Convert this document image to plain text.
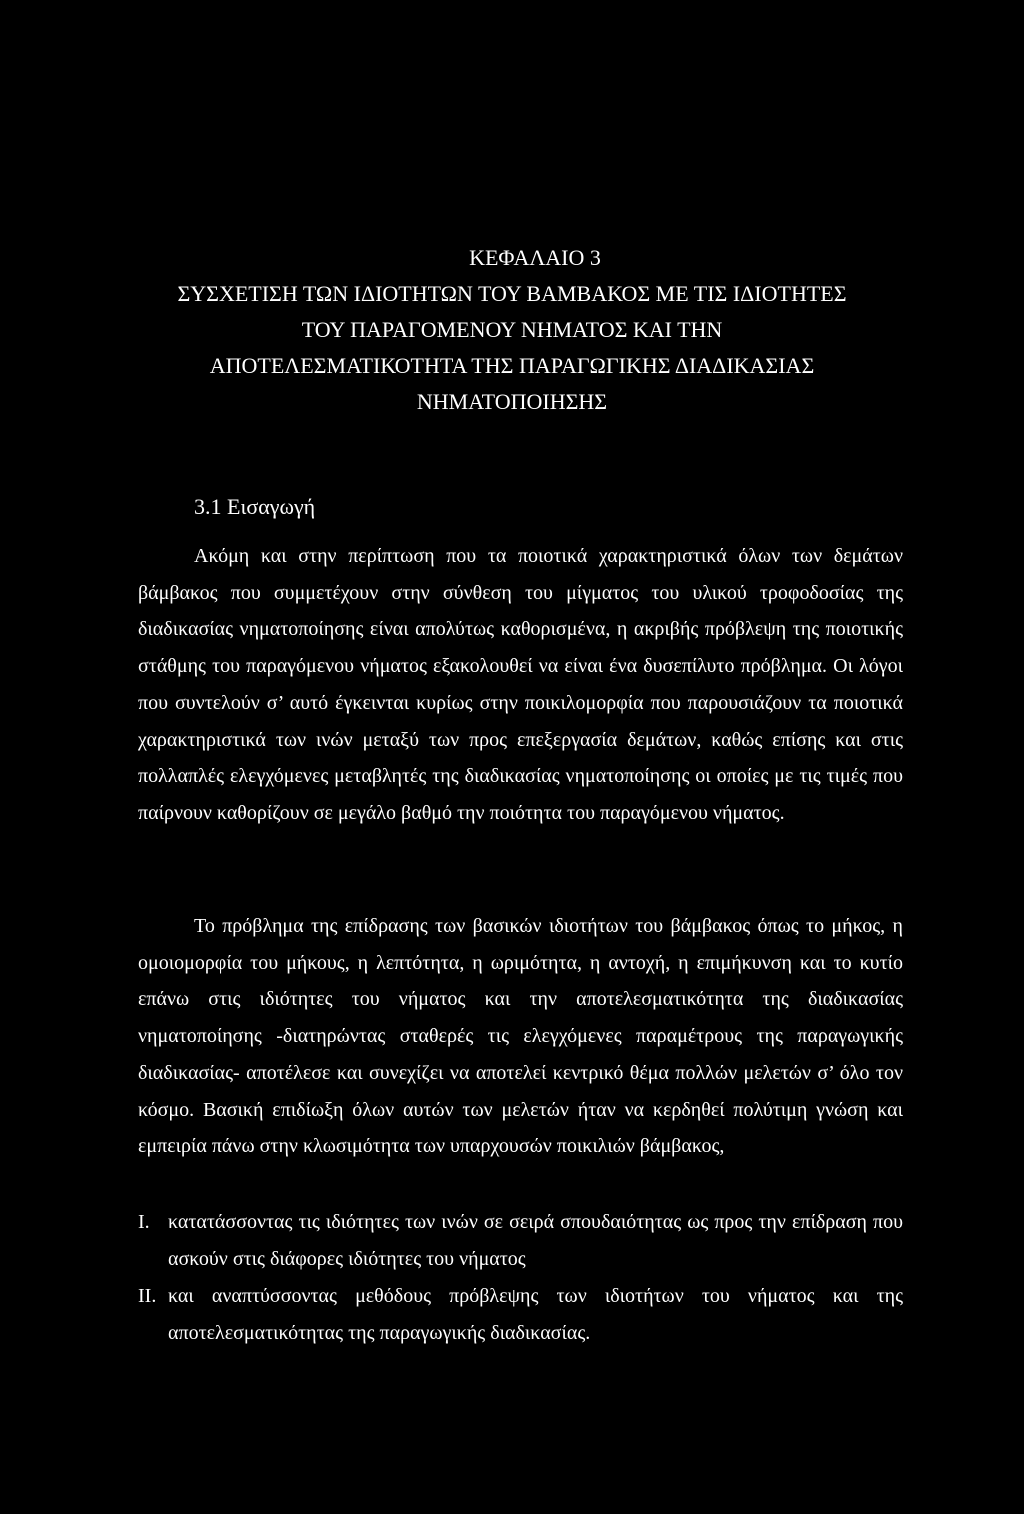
ΚΕΦΑΛΑΙΟ 3
ΣΥΣΧΕΤΙΣΗ ΤΩΝ ΙΔΙΟΤΗΤΩΝ ΤΟΥ ΒΑΜΒΑΚΟΣ ΜΕ ΤΙΣ ΙΔΙΟΤΗΤΕΣ
ΤΟΥ ΠΑΡΑΓΟΜΕΝΟΥ ΝΗΜΑΤΟΣ ΚΑΙ ΤΗΝ
ΑΠΟΤΕΛΕΣΜΑΤΙΚΟΤΗΤΑ ΤΗΣ ΠΑΡΑΓΩΓΙΚΗΣ ΔΙΑΔΙΚΑΣΙΑΣ
ΝΗΜΑΤΟΠΟΙΗΣΗΣ
3.1 Εισαγωγή

Ακόμη και στην περίπτωση που τα ποιοτικά χαρακτηριστικά όλων των δεμάτων βάμβακος που συμμετέχουν στην σύνθεση του μίγματος του υλικού τροφοδοσίας της διαδικασίας νηματοποίησης είναι απολύτως καθορισμένα, η ακριβής πρόβλεψη της ποιοτικής στάθμης του παραγόμενου νήματος εξακολουθεί να είναι ένα δυσεπίλυτο πρόβλημα. Οι λόγοι που συντελούν σ’ αυτό έγκεινται κυρίως στην ποικιλομορφία που παρουσιάζουν τα ποιοτικά χαρακτηριστικά των ινών μεταξύ των προς επεξεργασία δεμάτων, καθώς επίσης και στις πολλαπλές ελεγχόμενες μεταβλητές της διαδικασίας νηματοποίησης οι οποίες με τις τιμές που παίρνουν καθορίζουν σε μεγάλο βαθμό την ποιότητα του παραγόμενου νήματος.

Το πρόβλημα της επίδρασης των βασικών ιδιοτήτων του βάμβακος όπως το μήκος, η ομοιομορφία του μήκους, η λεπτότητα, η ωριμότητα, η αντοχή, η επιμήκυνση και το κυτίο επάνω στις ιδιότητες του νήματος και την αποτελεσματικότητα της διαδικασίας νηματοποίησης -διατηρώντας σταθερές τις ελεγχόμενες παραμέτρους της παραγωγικής διαδικασίας- αποτέλεσε και συνεχίζει να αποτελεί κεντρικό θέμα πολλών μελετών σ’ όλο τον κόσμο. Βασική επιδίωξη όλων αυτών των μελετών ήταν να κερδηθεί πολύτιμη γνώση και εμπειρία πάνω στην κλωσιμότητα των υπαρχουσών ποικιλιών βάμβακος,

I. κατατάσσοντας τις ιδιότητες των ινών σε σειρά σπουδαιότητας ως προς την επίδραση που ασκούν στις διάφορες ιδιότητες του νήματος
II. και αναπτύσσοντας μεθόδους πρόβλεψης των ιδιοτήτων του νήματος και της αποτελεσματικότητας της παραγωγικής διαδικασίας.
